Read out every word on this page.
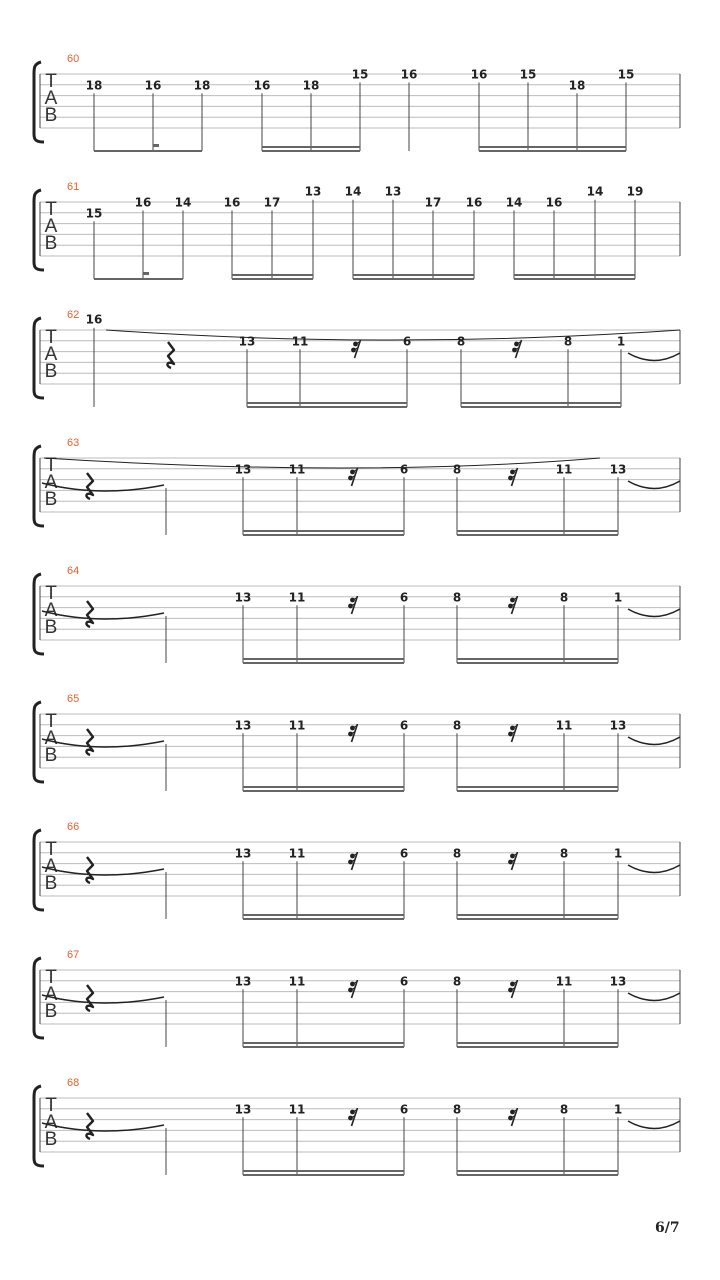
T
A
B
60
18	16	18	16	18
15	16	16	15
18
15
T
A
B
61
15
16 14	16 17
13 14 13
17 16 14 16
14 19
T
A
B
62 16
13	11	6	8	8	1
T
A
B
63
13	11	6	8	11	13
T
A
B
64
13	11	6	8	8	1
T
A
B
65
13	11	6	8	11	13
T
A
B
66
13	11	6	8	8	1
T
A
B
67
13	11	6	8	11	13
T
A
B
68
13	11	6	8	8	1
6/7
